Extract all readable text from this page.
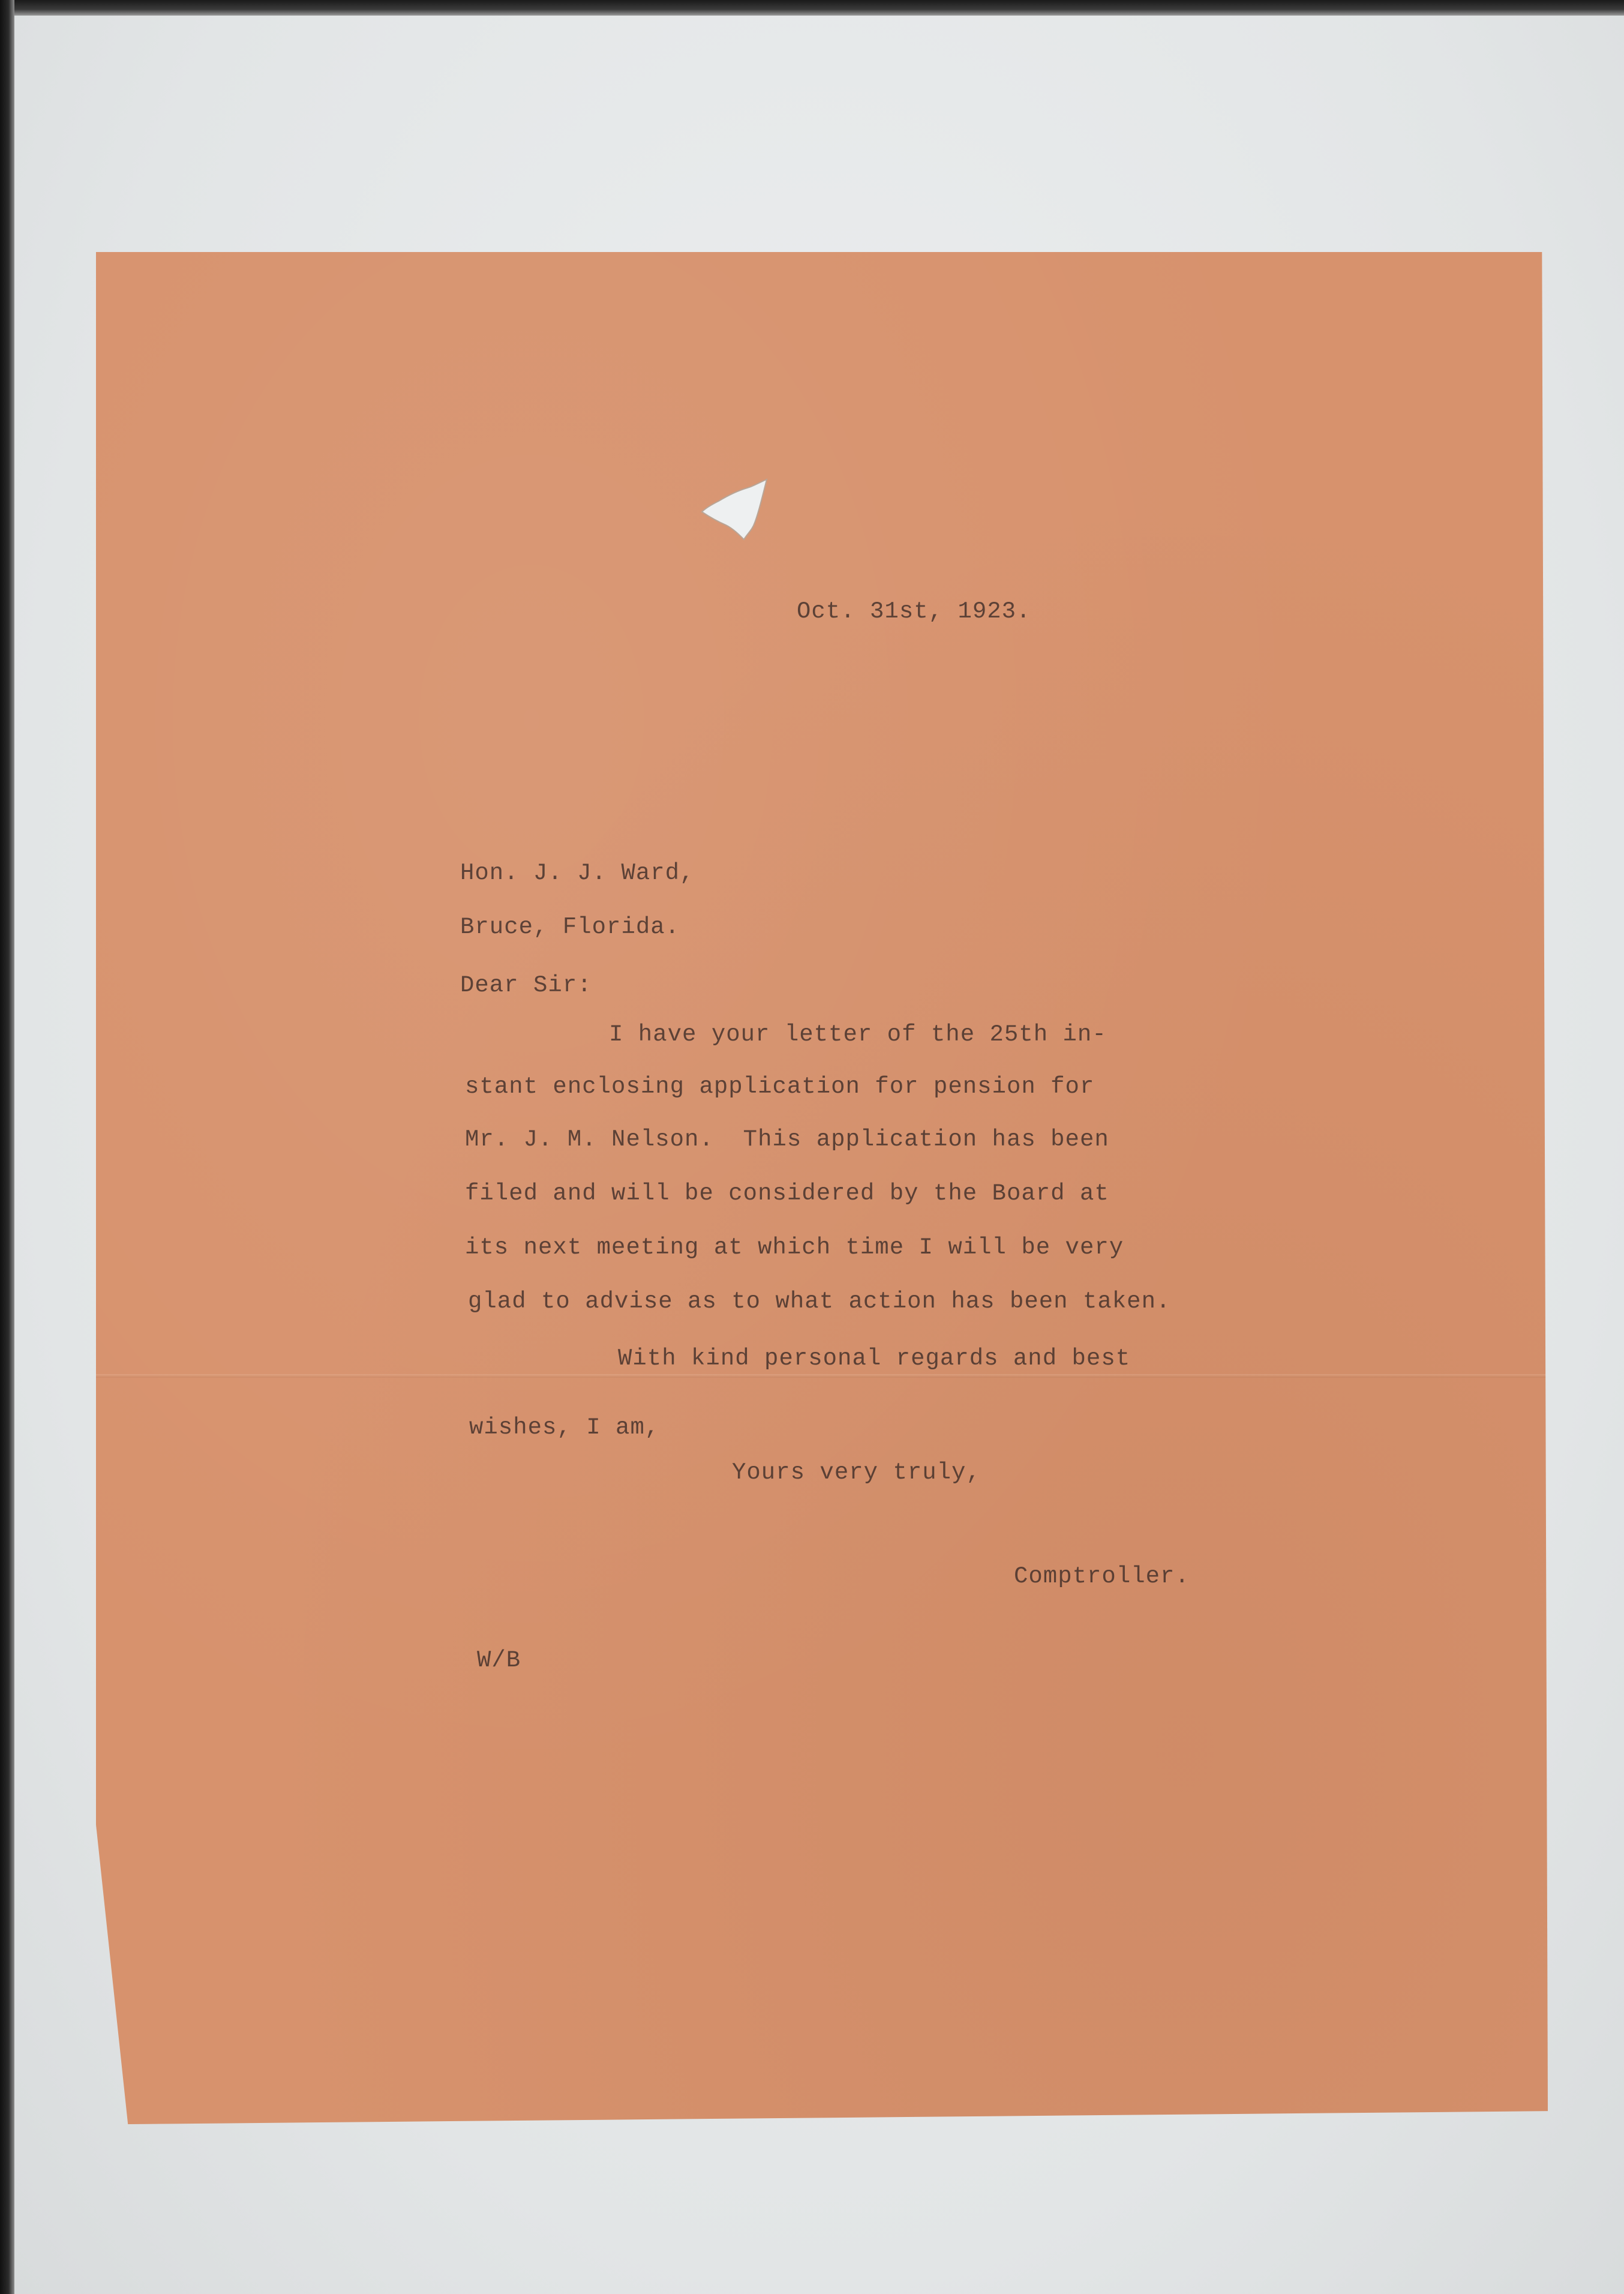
Oct. 31st, 1923.
Hon. J. J. Ward,
Bruce, Florida.
Dear Sir:
I have your letter of the 25th in-
stant enclosing application for pension for
Mr. J. M. Nelson.  This application has been
filed and will be considered by the Board at
its next meeting at which time I will be very
glad to advise as to what action has been taken.
With kind personal regards and best
wishes, I am,
Yours very truly,
Comptroller.
W/B
